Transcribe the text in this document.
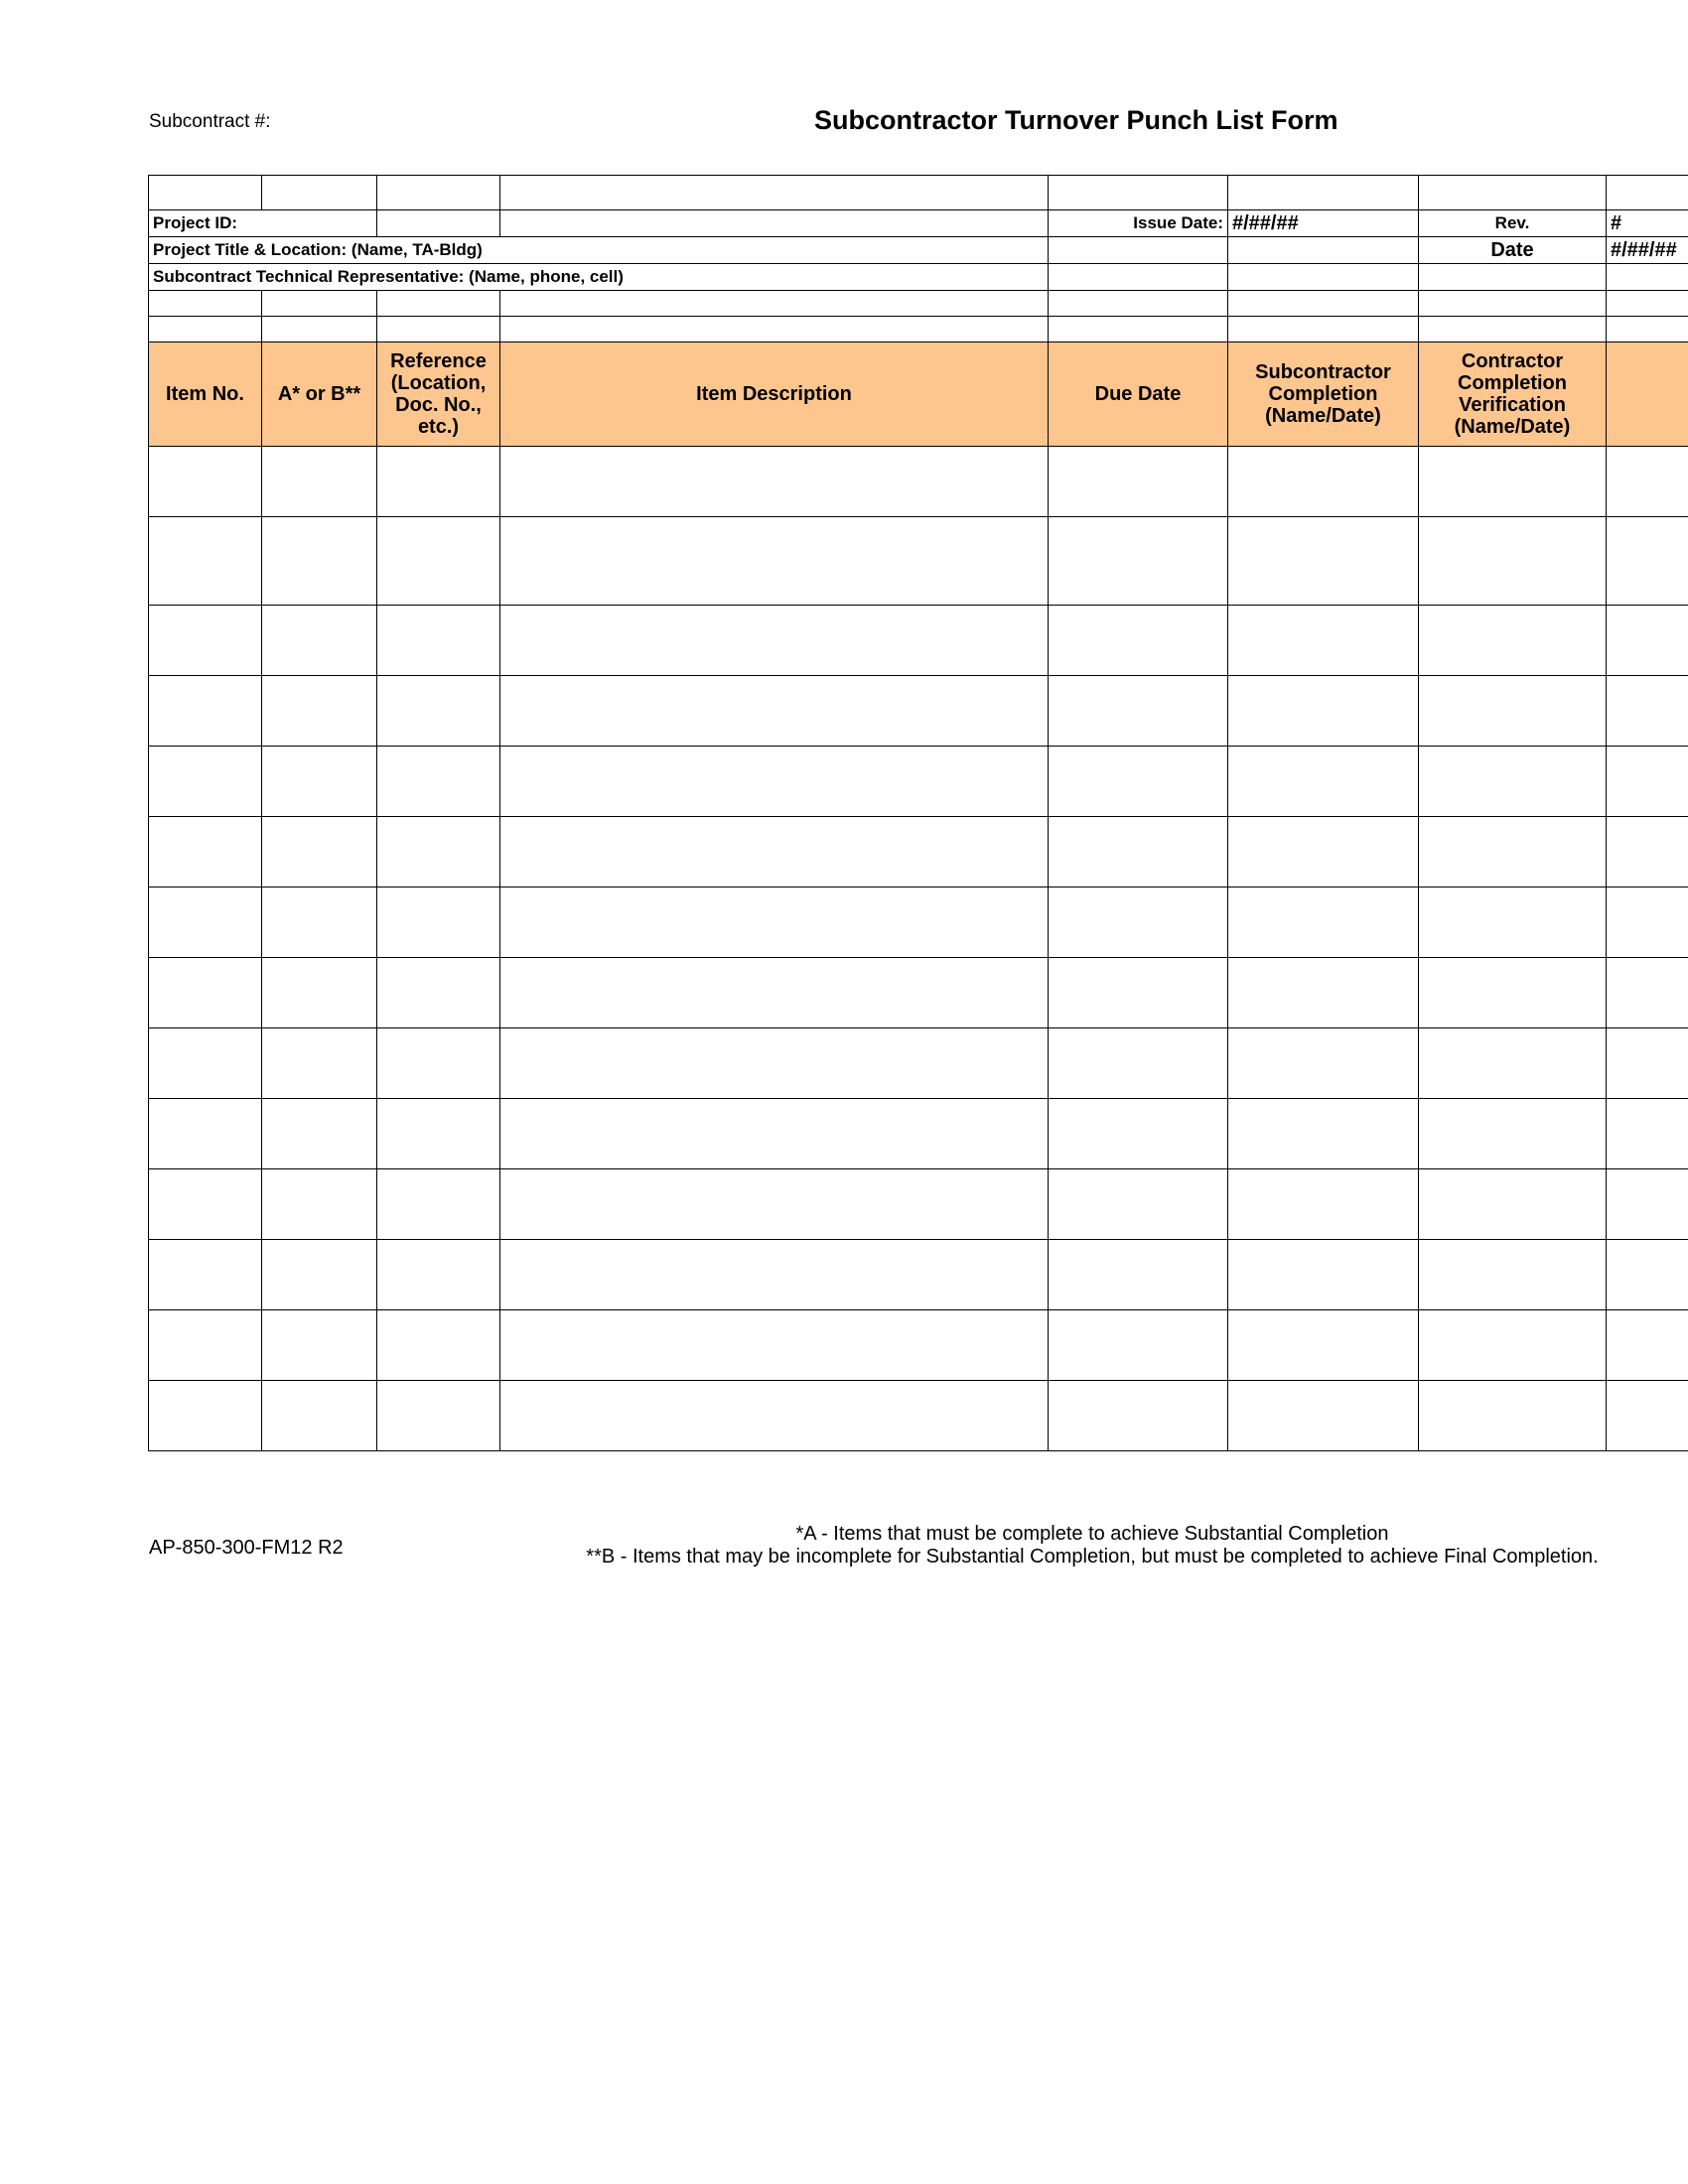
Subcontract #:	Subcontractor Turnover Punch List Form

Project ID:				Issue Date:	#/##/##	Rev.	#
Project Title & Location: (Name, TA-Bldg)						Date	#/##/##
Subcontract Technical Representative: (Name, phone, cell)							

Item No.	A* or B**	Reference (Location, Doc. No., etc.)	Item Description	Due Date	Subcontractor Completion (Name/Date)	Contractor Completion Verification (Name/Date)	

AP-850-300-FM12 R2
*A - Items that must be complete to achieve Substantial Completion
**B - Items that may be incomplete for Substantial Completion, but must be completed to achieve Final Completion.
